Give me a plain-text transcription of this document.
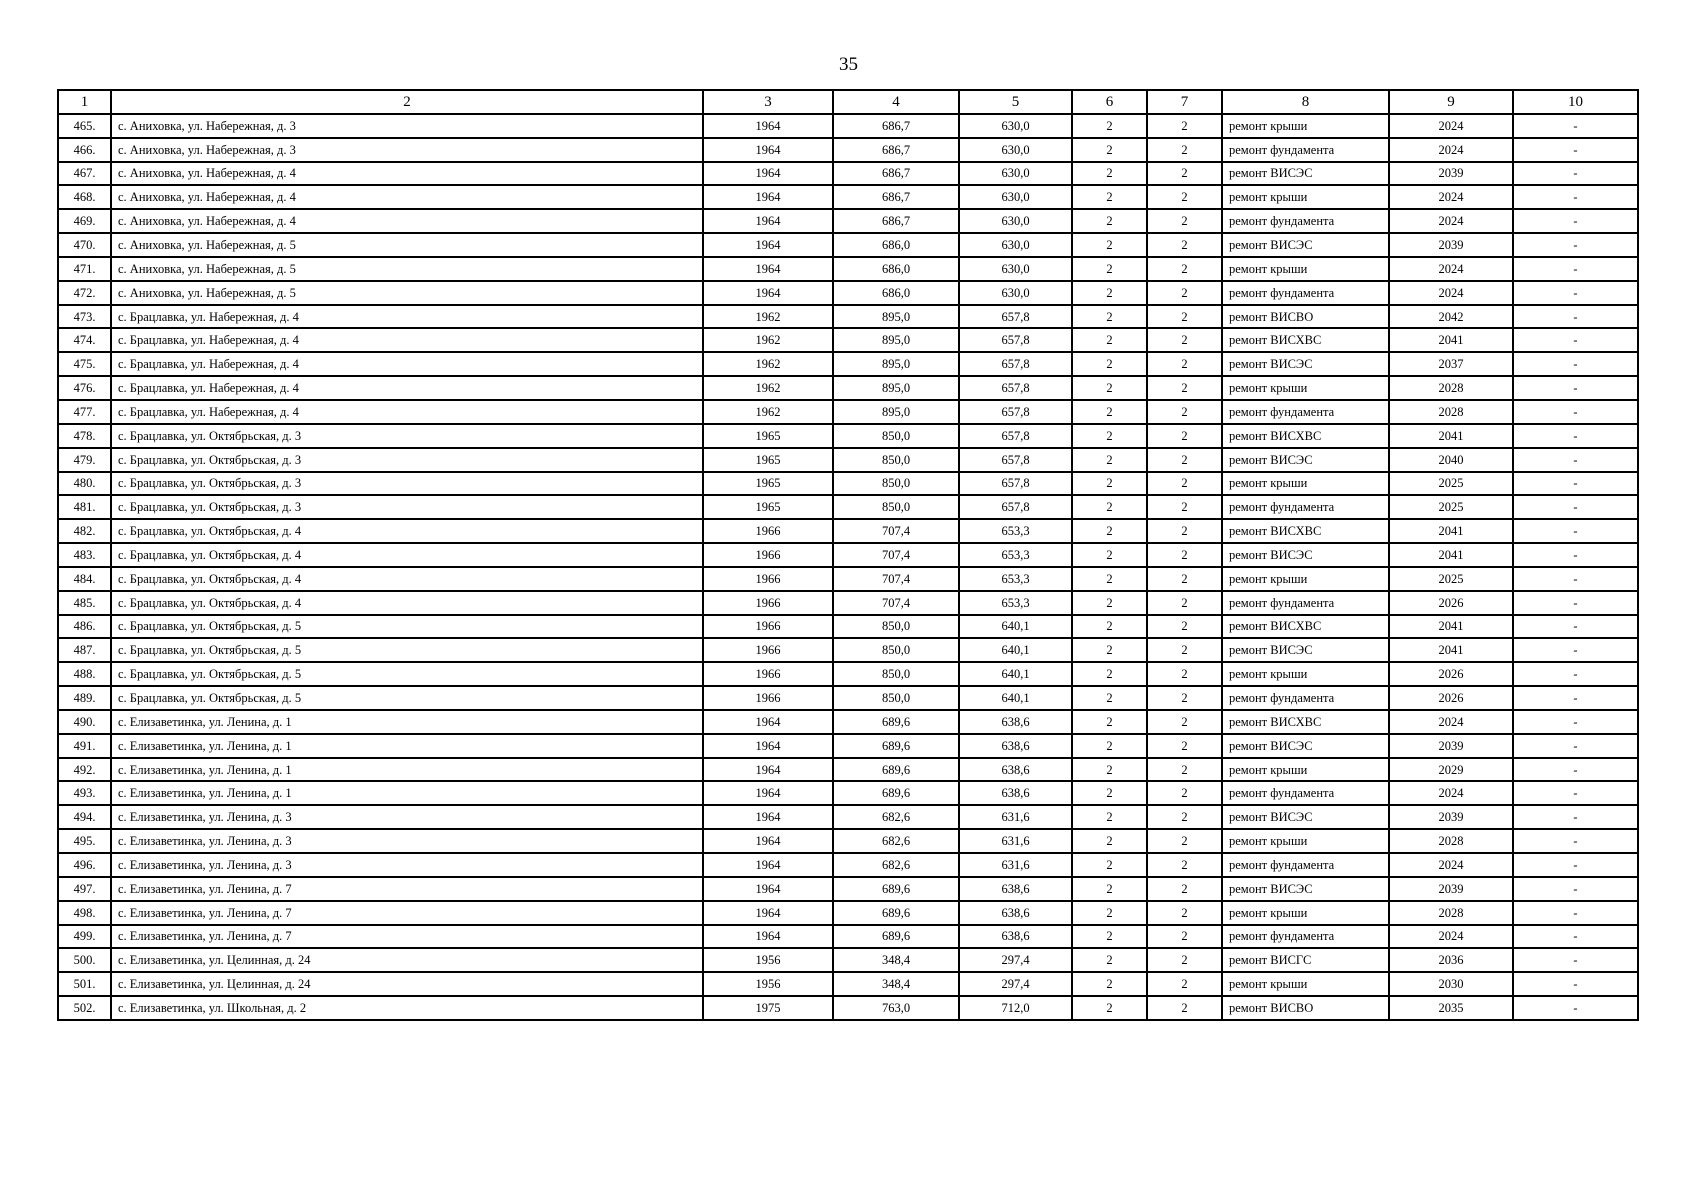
35
1	2	3	4	5	6	7	8	9	10
465.	с. Аниховка, ул. Набережная, д. 3	1964	686,7	630,0	2	2	ремонт крыши	2024	-
466.	с. Аниховка, ул. Набережная, д. 3	1964	686,7	630,0	2	2	ремонт фундамента	2024	-
467.	с. Аниховка, ул. Набережная, д. 4	1964	686,7	630,0	2	2	ремонт ВИСЭС	2039	-
468.	с. Аниховка, ул. Набережная, д. 4	1964	686,7	630,0	2	2	ремонт крыши	2024	-
469.	с. Аниховка, ул. Набережная, д. 4	1964	686,7	630,0	2	2	ремонт фундамента	2024	-
470.	с. Аниховка, ул. Набережная, д. 5	1964	686,0	630,0	2	2	ремонт ВИСЭС	2039	-
471.	с. Аниховка, ул. Набережная, д. 5	1964	686,0	630,0	2	2	ремонт крыши	2024	-
472.	с. Аниховка, ул. Набережная, д. 5	1964	686,0	630,0	2	2	ремонт фундамента	2024	-
473.	с. Брацлавка, ул. Набережная, д. 4	1962	895,0	657,8	2	2	ремонт ВИСВО	2042	-
474.	с. Брацлавка, ул. Набережная, д. 4	1962	895,0	657,8	2	2	ремонт ВИСХВС	2041	-
475.	с. Брацлавка, ул. Набережная, д. 4	1962	895,0	657,8	2	2	ремонт ВИСЭС	2037	-
476.	с. Брацлавка, ул. Набережная, д. 4	1962	895,0	657,8	2	2	ремонт крыши	2028	-
477.	с. Брацлавка, ул. Набережная, д. 4	1962	895,0	657,8	2	2	ремонт фундамента	2028	-
478.	с. Брацлавка, ул. Октябрьская, д. 3	1965	850,0	657,8	2	2	ремонт ВИСХВС	2041	-
479.	с. Брацлавка, ул. Октябрьская, д. 3	1965	850,0	657,8	2	2	ремонт ВИСЭС	2040	-
480.	с. Брацлавка, ул. Октябрьская, д. 3	1965	850,0	657,8	2	2	ремонт крыши	2025	-
481.	с. Брацлавка, ул. Октябрьская, д. 3	1965	850,0	657,8	2	2	ремонт фундамента	2025	-
482.	с. Брацлавка, ул. Октябрьская, д. 4	1966	707,4	653,3	2	2	ремонт ВИСХВС	2041	-
483.	с. Брацлавка, ул. Октябрьская, д. 4	1966	707,4	653,3	2	2	ремонт ВИСЭС	2041	-
484.	с. Брацлавка, ул. Октябрьская, д. 4	1966	707,4	653,3	2	2	ремонт крыши	2025	-
485.	с. Брацлавка, ул. Октябрьская, д. 4	1966	707,4	653,3	2	2	ремонт фундамента	2026	-
486.	с. Брацлавка, ул. Октябрьская, д. 5	1966	850,0	640,1	2	2	ремонт ВИСХВС	2041	-
487.	с. Брацлавка, ул. Октябрьская, д. 5	1966	850,0	640,1	2	2	ремонт ВИСЭС	2041	-
488.	с. Брацлавка, ул. Октябрьская, д. 5	1966	850,0	640,1	2	2	ремонт крыши	2026	-
489.	с. Брацлавка, ул. Октябрьская, д. 5	1966	850,0	640,1	2	2	ремонт фундамента	2026	-
490.	с. Елизаветинка, ул. Ленина, д. 1	1964	689,6	638,6	2	2	ремонт ВИСХВС	2024	-
491.	с. Елизаветинка, ул. Ленина, д. 1	1964	689,6	638,6	2	2	ремонт ВИСЭС	2039	-
492.	с. Елизаветинка, ул. Ленина, д. 1	1964	689,6	638,6	2	2	ремонт крыши	2029	-
493.	с. Елизаветинка, ул. Ленина, д. 1	1964	689,6	638,6	2	2	ремонт фундамента	2024	-
494.	с. Елизаветинка, ул. Ленина, д. 3	1964	682,6	631,6	2	2	ремонт ВИСЭС	2039	-
495.	с. Елизаветинка, ул. Ленина, д. 3	1964	682,6	631,6	2	2	ремонт крыши	2028	-
496.	с. Елизаветинка, ул. Ленина, д. 3	1964	682,6	631,6	2	2	ремонт фундамента	2024	-
497.	с. Елизаветинка, ул. Ленина, д. 7	1964	689,6	638,6	2	2	ремонт ВИСЭС	2039	-
498.	с. Елизаветинка, ул. Ленина, д. 7	1964	689,6	638,6	2	2	ремонт крыши	2028	-
499.	с. Елизаветинка, ул. Ленина, д. 7	1964	689,6	638,6	2	2	ремонт фундамента	2024	-
500.	с. Елизаветинка, ул. Целинная, д. 24	1956	348,4	297,4	2	2	ремонт ВИСГС	2036	-
501.	с. Елизаветинка, ул. Целинная, д. 24	1956	348,4	297,4	2	2	ремонт крыши	2030	-
502.	с. Елизаветинка, ул. Школьная, д. 2	1975	763,0	712,0	2	2	ремонт ВИСВО	2035	-
